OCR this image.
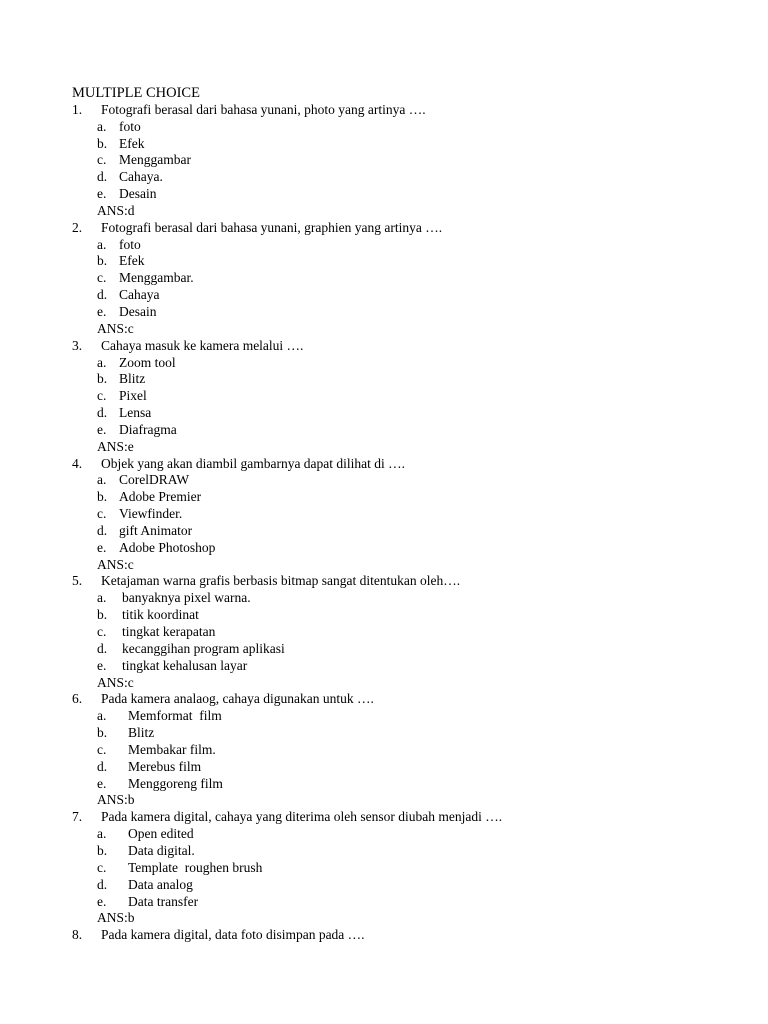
MULTIPLE CHOICE
1. Fotografi berasal dari bahasa yunani, photo yang artinya ….
a. foto
b. Efek
c. Menggambar
d. Cahaya.
e. Desain
ANS:d
2. Fotografi berasal dari bahasa yunani, graphien yang artinya ….
a. foto
b. Efek
c. Menggambar.
d. Cahaya
e. Desain
ANS:c
3. Cahaya masuk ke kamera melalui ….
a. Zoom tool
b. Blitz
c. Pixel
d. Lensa
e. Diafragma
ANS:e
4. Objek yang akan diambil gambarnya dapat dilihat di ….
a. CorelDRAW
b. Adobe Premier
c. Viewfinder.
d. gift Animator
e. Adobe Photoshop
ANS:c
5. Ketajaman warna grafis berbasis bitmap sangat ditentukan oleh….
a. banyaknya pixel warna.
b. titik koordinat
c. tingkat kerapatan
d. kecanggihan program aplikasi
e. tingkat kehalusan layar
ANS:c
6. Pada kamera analaog, cahaya digunakan untuk ….
a. Memformat  film
b. Blitz
c. Membakar film.
d. Merebus film
e. Menggoreng film
ANS:b
7. Pada kamera digital, cahaya yang diterima oleh sensor diubah menjadi ….
a. Open edited
b. Data digital.
c. Template  roughen brush
d. Data analog
e. Data transfer
ANS:b
8. Pada kamera digital, data foto disimpan pada ….
